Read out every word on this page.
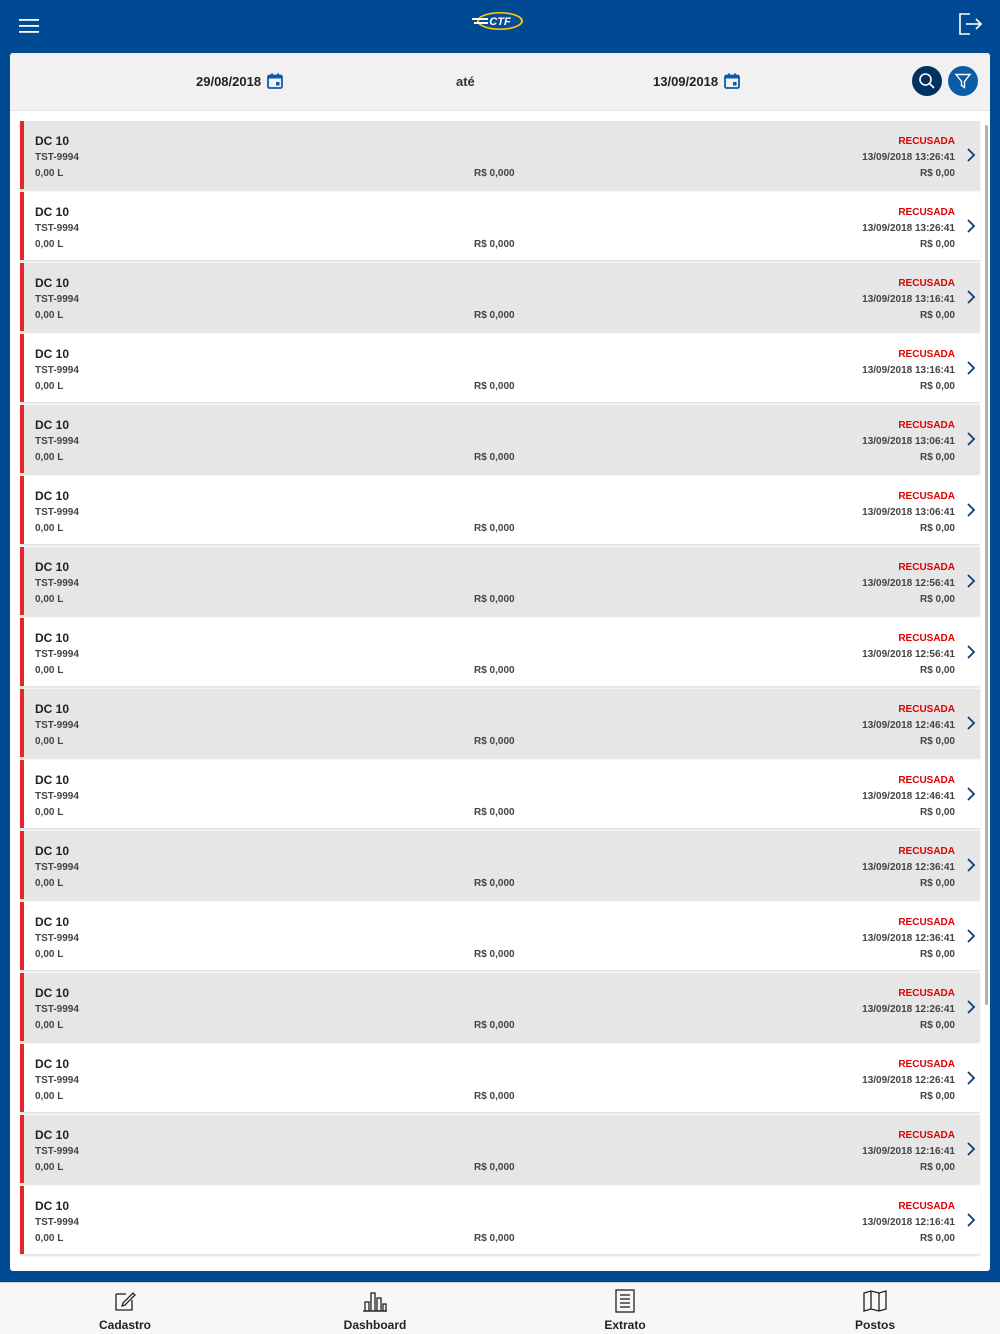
CTF
29/08/2018	até	13/09/2018
DC 10
TST-9994
0,00 L	R$ 0,000
RECUSADA
13/09/2018 13:26:41
R$ 0,00
DC 10
TST-9994
0,00 L	R$ 0,000
RECUSADA
13/09/2018 13:26:41
R$ 0,00
DC 10
TST-9994
0,00 L	R$ 0,000
RECUSADA
13/09/2018 13:16:41
R$ 0,00
DC 10
TST-9994
0,00 L	R$ 0,000
RECUSADA
13/09/2018 13:16:41
R$ 0,00
DC 10
TST-9994
0,00 L	R$ 0,000
RECUSADA
13/09/2018 13:06:41
R$ 0,00
DC 10
TST-9994
0,00 L	R$ 0,000
RECUSADA
13/09/2018 13:06:41
R$ 0,00
DC 10
TST-9994
0,00 L	R$ 0,000
RECUSADA
13/09/2018 12:56:41
R$ 0,00
DC 10
TST-9994
0,00 L	R$ 0,000
RECUSADA
13/09/2018 12:56:41
R$ 0,00
DC 10
TST-9994
0,00 L	R$ 0,000
RECUSADA
13/09/2018 12:46:41
R$ 0,00
DC 10
TST-9994
0,00 L	R$ 0,000
RECUSADA
13/09/2018 12:46:41
R$ 0,00
DC 10
TST-9994
0,00 L	R$ 0,000
RECUSADA
13/09/2018 12:36:41
R$ 0,00
DC 10
TST-9994
0,00 L	R$ 0,000
RECUSADA
13/09/2018 12:36:41
R$ 0,00
DC 10
TST-9994
0,00 L	R$ 0,000
RECUSADA
13/09/2018 12:26:41
R$ 0,00
DC 10
TST-9994
0,00 L	R$ 0,000
RECUSADA
13/09/2018 12:26:41
R$ 0,00
DC 10
TST-9994
0,00 L	R$ 0,000
RECUSADA
13/09/2018 12:16:41
R$ 0,00
DC 10
TST-9994
0,00 L	R$ 0,000
RECUSADA
13/09/2018 12:16:41
R$ 0,00
Cadastro	Dashboard	Extrato	Postos
